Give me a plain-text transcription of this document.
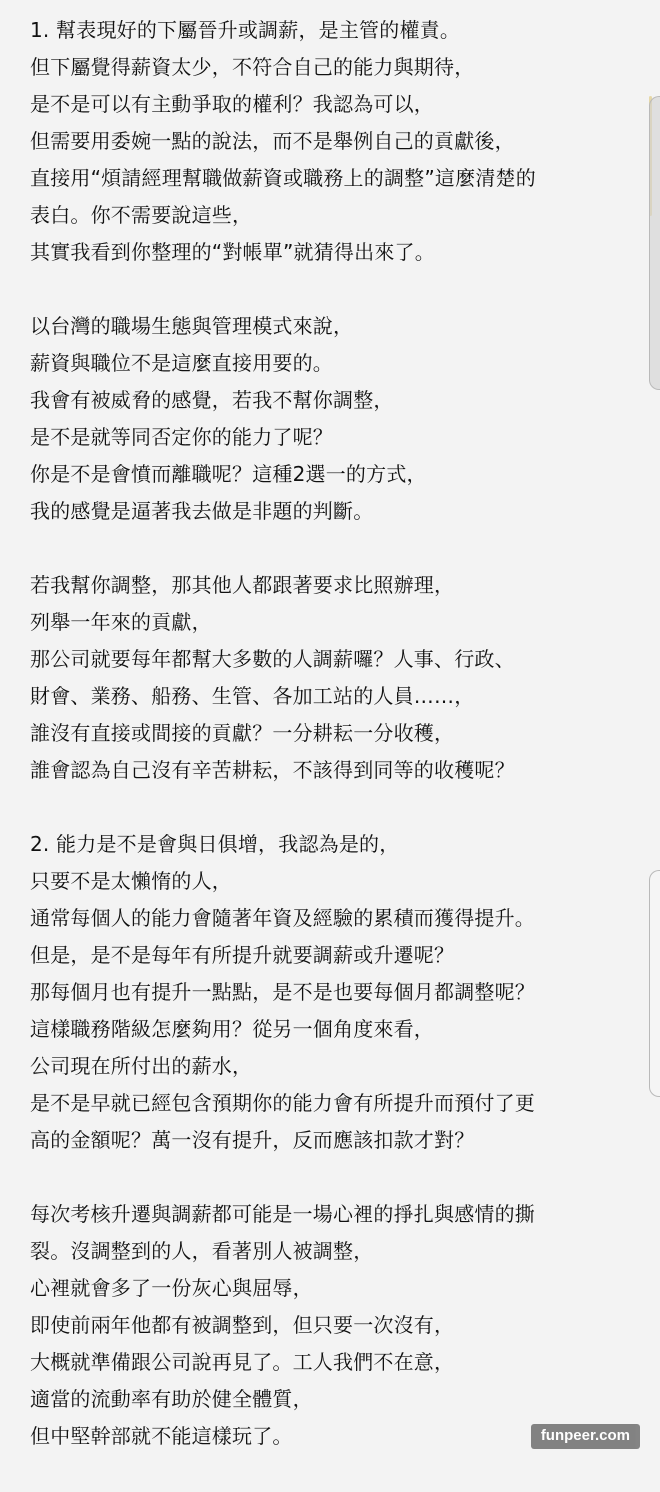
1. 幫表現好的下屬晉升或調薪，是主管的權責。
但下屬覺得薪資太少，不符合自己的能力與期待，
是不是可以有主動爭取的權利？我認為可以，
但需要用委婉一點的說法，而不是舉例自己的貢獻後，
直接用“煩請經理幫職做薪資或職務上的調整”這麼清楚的
表白。你不需要說這些，
其實我看到你整理的“對帳單”就猜得出來了。
以台灣的職場生態與管理模式來說，
薪資與職位不是這麼直接用要的。
我會有被威脅的感覺，若我不幫你調整，
是不是就等同否定你的能力了呢？
你是不是會憤而離職呢？這種2選一的方式，
我的感覺是逼著我去做是非題的判斷。
若我幫你調整，那其他人都跟著要求比照辦理，
列舉一年來的貢獻，
那公司就要每年都幫大多數的人調薪囉？人事、行政、
財會、業務、船務、生管、各加工站的人員……，
誰沒有直接或間接的貢獻？一分耕耘一分收穫，
誰會認為自己沒有辛苦耕耘，不該得到同等的收穫呢？
2. 能力是不是會與日俱增，我認為是的，
只要不是太懶惰的人，
通常每個人的能力會隨著年資及經驗的累積而獲得提升。
但是，是不是每年有所提升就要調薪或升遷呢？
那每個月也有提升一點點，是不是也要每個月都調整呢？
這樣職務階級怎麼夠用？從另一個角度來看，
公司現在所付出的薪水，
是不是早就已經包含預期你的能力會有所提升而預付了更
高的金額呢？萬一沒有提升，反而應該扣款才對？
每次考核升遷與調薪都可能是一場心裡的掙扎與感情的撕
裂。沒調整到的人，看著別人被調整，
心裡就會多了一份灰心與屈辱，
即使前兩年他都有被調整到，但只要一次沒有，
大概就準備跟公司說再見了。工人我們不在意，
適當的流動率有助於健全體質，
但中堅幹部就不能這樣玩了。	funpeer.com
